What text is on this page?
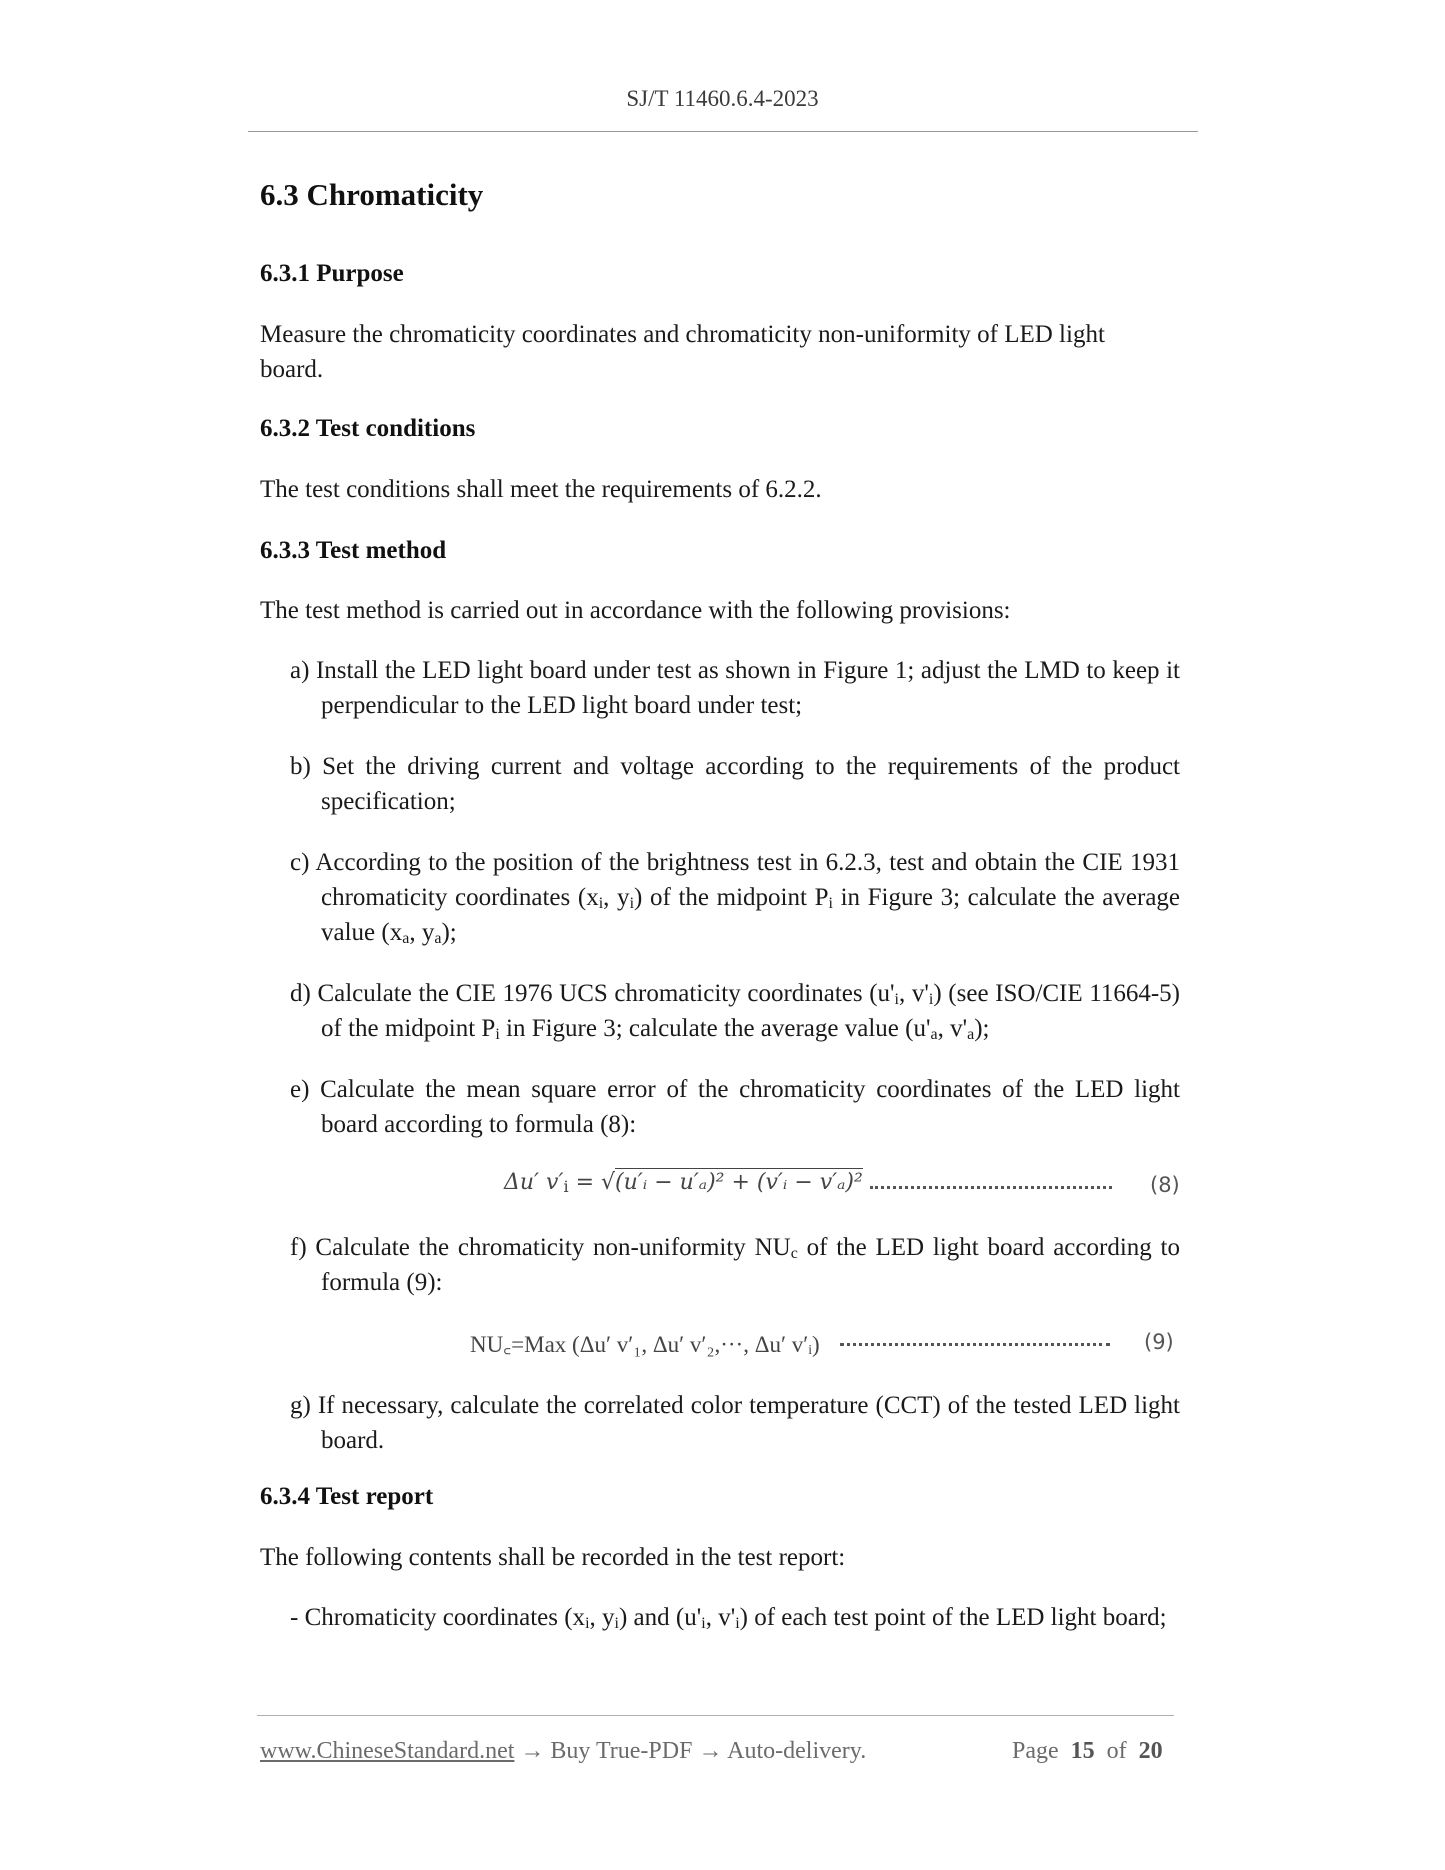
SJ/T 11460.6.4-2023
6.3 Chromaticity
6.3.1 Purpose
Measure the chromaticity coordinates and chromaticity non-uniformity of LED light
board.
6.3.2 Test conditions
The test conditions shall meet the requirements of 6.2.2.
6.3.3 Test method
The test method is carried out in accordance with the following provisions:
a) Install the LED light board under test as shown in Figure 1; adjust the LMD to keep it perpendicular to the LED light board under test;
b) Set the driving current and voltage according to the requirements of the product specification;
c) According to the position of the brightness test in 6.2.3, test and obtain the CIE 1931 chromaticity coordinates ($x_i$, $y_i$) of the midpoint $P_i$ in Figure 3; calculate the average value ($x_a$, $y_a$);
d) Calculate the CIE 1976 UCS chromaticity coordinates ($u'_i$, $v'_i$) (see ISO/CIE 11664-5) of the midpoint $P_i$ in Figure 3; calculate the average value ($u'_a$, $v'_a$);
e) Calculate the mean square error of the chromaticity coordinates of the LED light board according to formula (8):
Δu′ $v'_i$ = √(u′ᵢ − u′ₐ)² + (v′ᵢ − v′ₐ)²	(8)
f) Calculate the chromaticity non-uniformity $NU_c$ of the LED light board according to formula (9):
NU꜀=Max (Δu′ v′₁, Δu′ v′₂,···, Δu′ v′ᵢ)	(9)
g) If necessary, calculate the correlated color temperature (CCT) of the tested LED light board.
6.3.4 Test report
The following contents shall be recorded in the test report:
- Chromaticity coordinates ($x_i$, $y_i$) and ($u'_i$, $v'_i$) of each test point of the LED light board;
www.ChineseStandard.net → Buy True-PDF → Auto-delivery.	Page 15 of 20
